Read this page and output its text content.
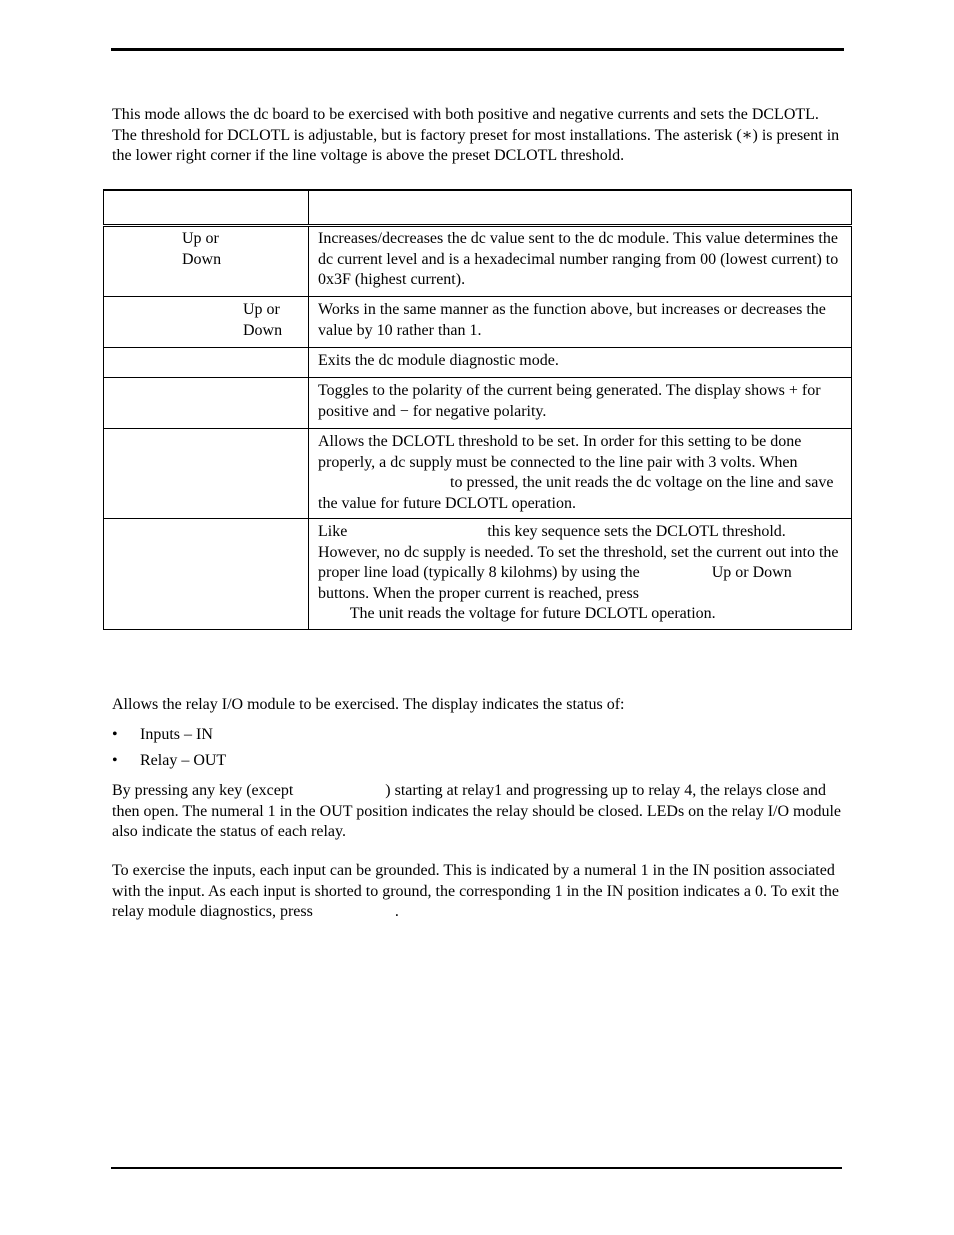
This mode allows the dc board to be exercised with both positive and negative currents and sets the DCLOTL. The threshold for DCLOTL is adjustable, but is factory preset for most installations. The asterisk (∗) is present in the lower right corner if the line voltage is above the preset DCLOTL threshold.

Up or
Down	Increases/decreases the dc value sent to the dc module. This value determines the dc current level and is a hexadecimal number ranging from 00 (lowest current) to 0x3F (highest current).

Up or
Down	Works in the same manner as the function above, but increases or decreases the value by 10 rather than 1.
	Exits the dc module diagnostic mode.
	Toggles to the polarity of the current being generated. The display shows + for positive and − for negative polarity.
	Allows the DCLOTL threshold to be set. In order for this setting to be done properly, a dc supply must be connected to the line pair with 3 volts. When  to pressed, the unit reads the dc voltage on the line and save the value for future DCLOTL operation.
	Like this key sequence sets the DCLOTL threshold. However, no dc supply is needed. To set the threshold, set the current out into the proper line load (typically 8 kilohms) by using the Up or Down buttons. When the proper current is reached, press
The unit reads the voltage for future DCLOTL operation.

Allows the relay I/O module to be exercised. The display indicates the status of:

• Inputs – IN
• Relay – OUT

By pressing any key (except	) starting at relay1 and progressing up to relay 4, the relays close and then open. The numeral 1 in the OUT position indicates the relay should be closed. LEDs on the relay I/O module also indicate the status of each relay.

To exercise the inputs, each input can be grounded. This is indicated by a numeral 1 in the IN position associated with the input. As each input is shorted to ground, the corresponding 1 in the IN position indicates a 0. To exit the relay module diagnostics, press	.
